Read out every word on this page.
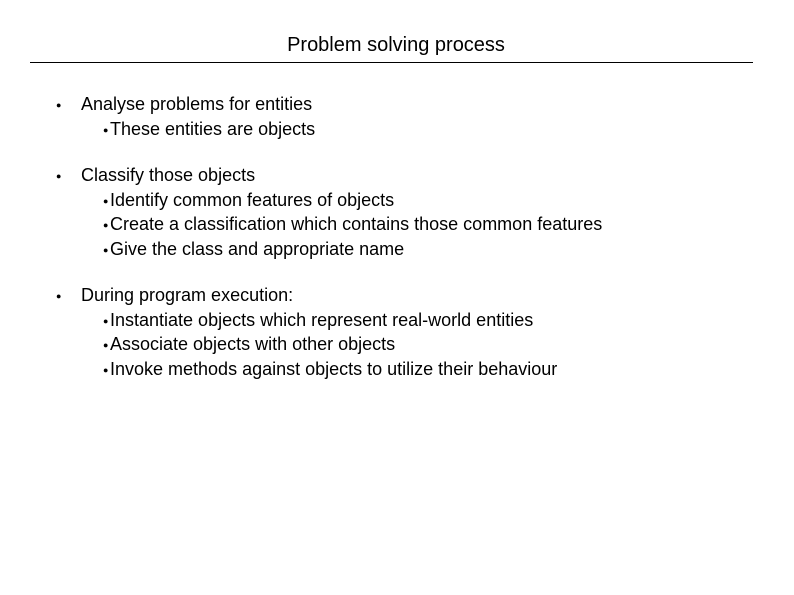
Problem solving process
● Analyse problems for entities
● These entities are objects
● Classify those objects
● Identify common features of objects
● Create a classification which contains those common features
● Give the class and appropriate name
● During program execution:
● Instantiate objects which represent real-world entities
● Associate objects with other objects
● Invoke methods against objects to utilize their behaviour
